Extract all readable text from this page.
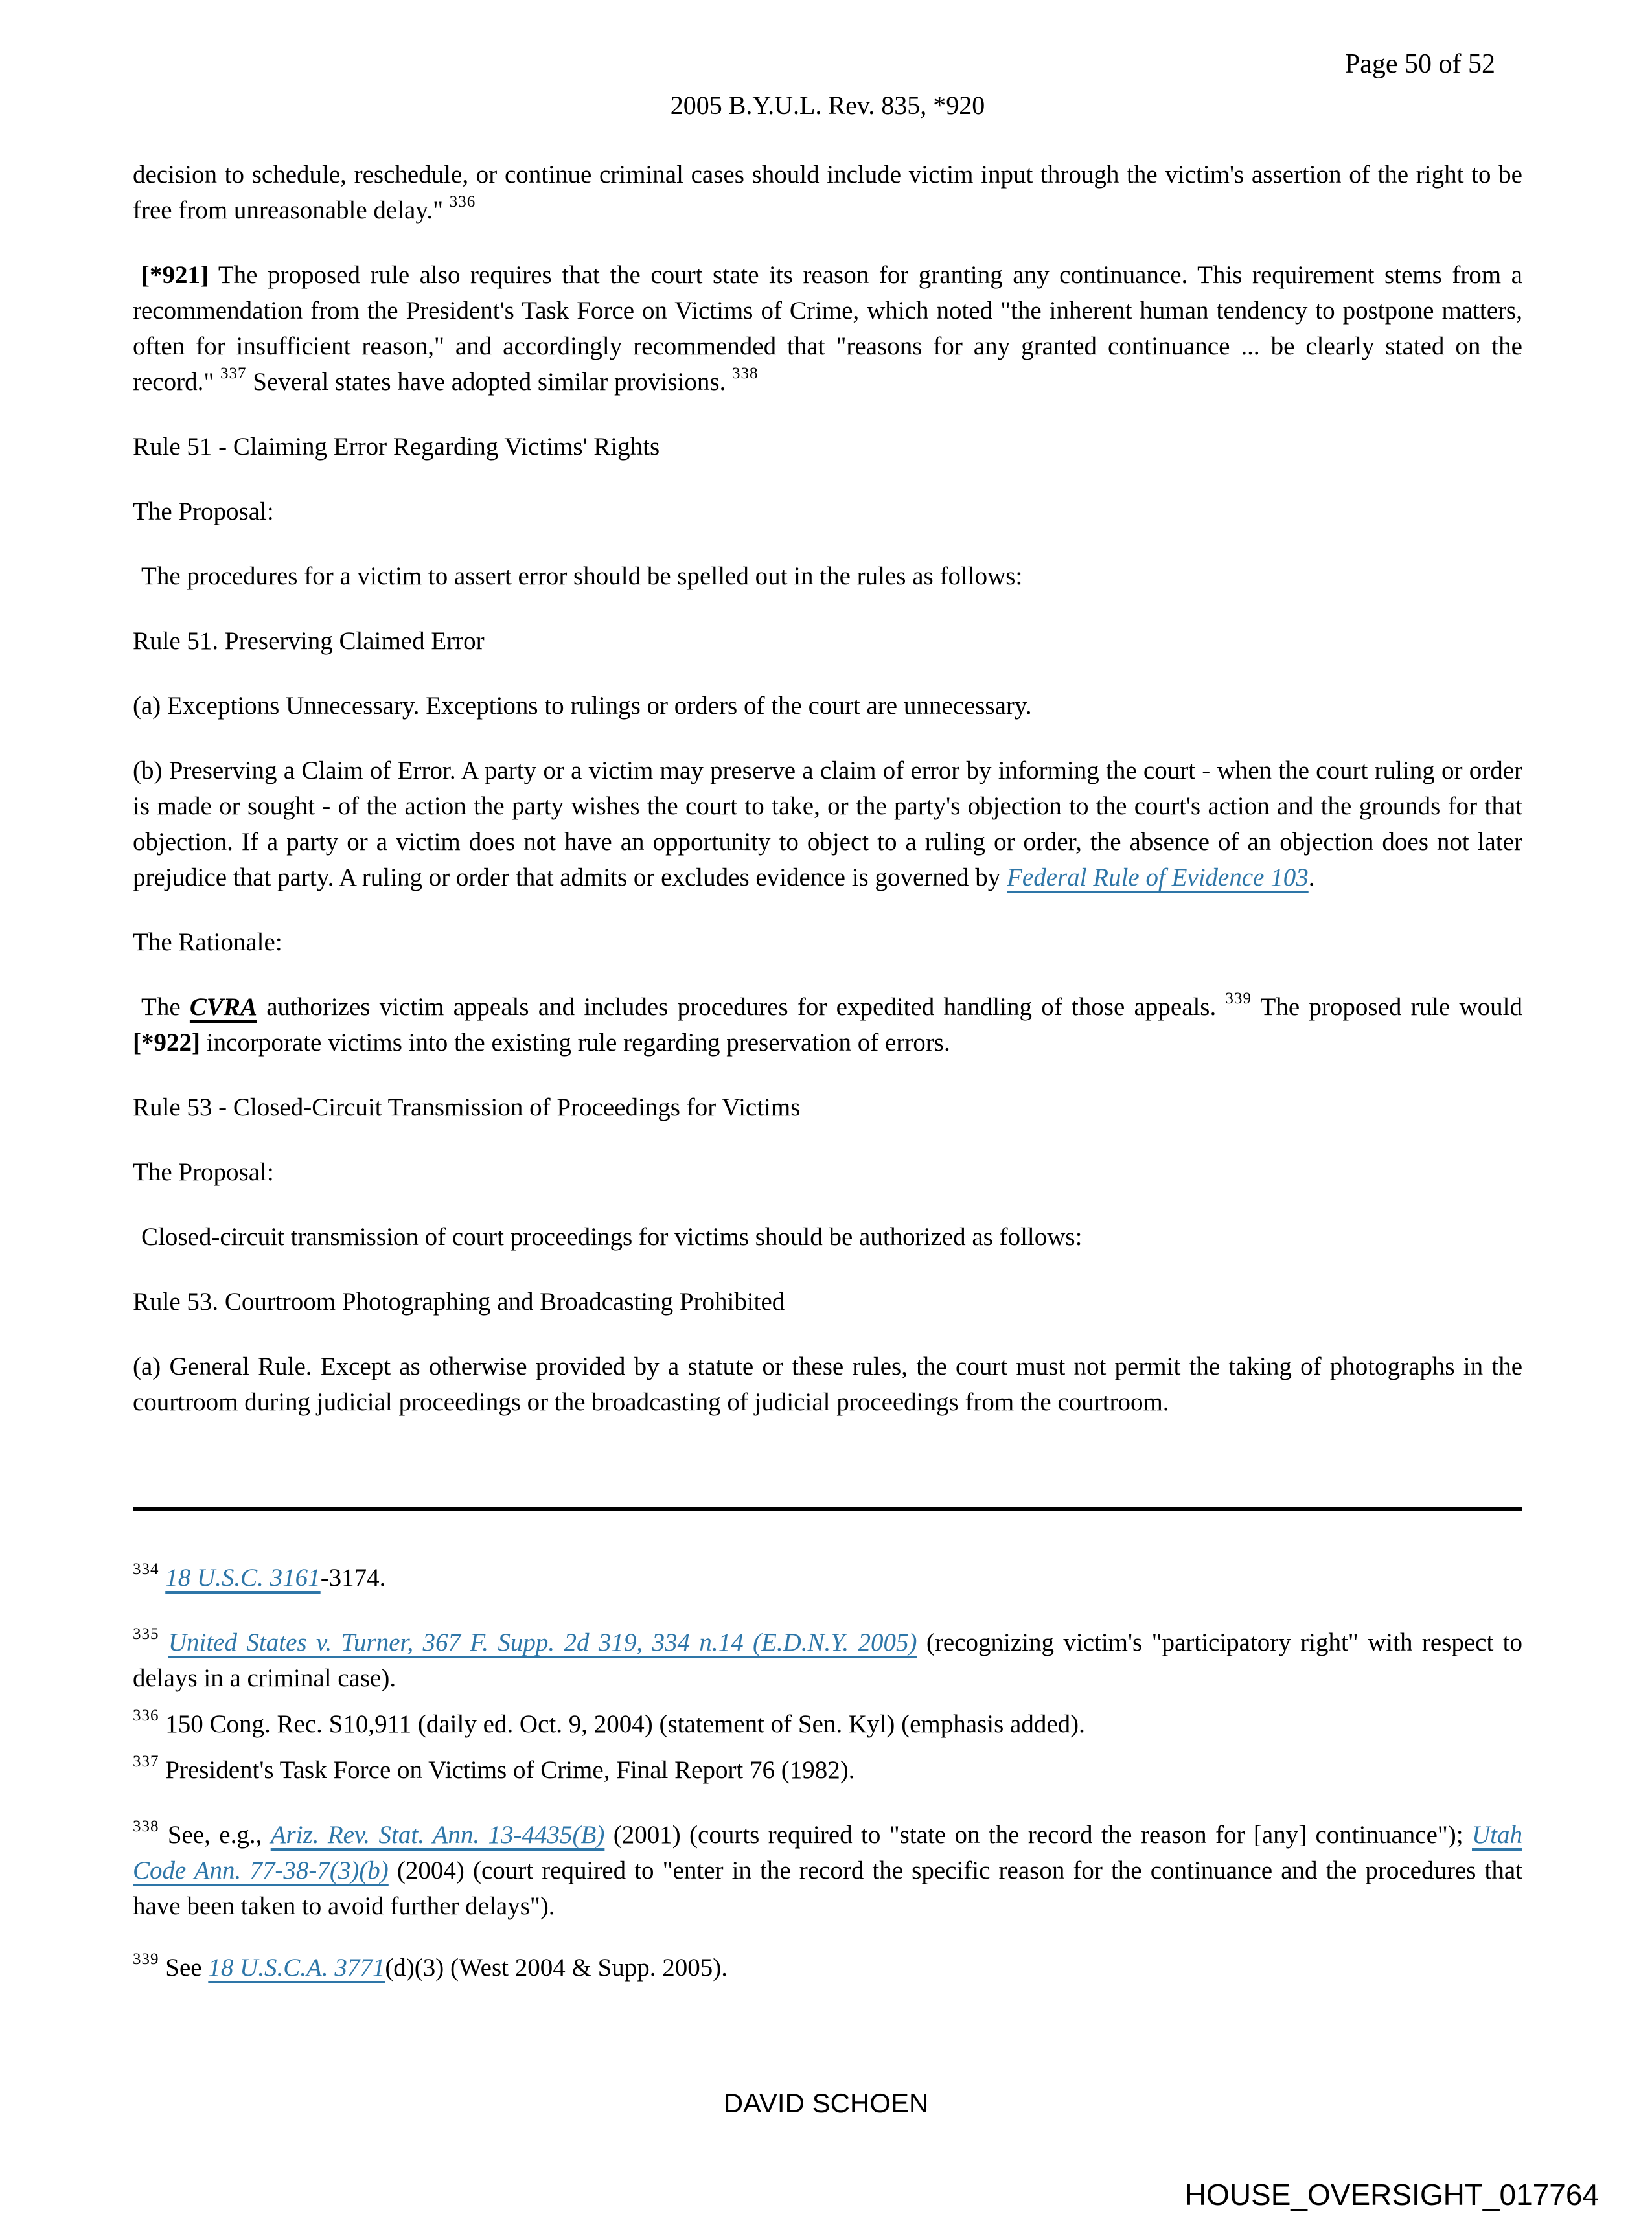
Page 50 of 52
2005 B.Y.U.L. Rev. 835, *920

decision to schedule, reschedule, or continue criminal cases should include victim input through the victim's assertion of the right to be free from unreasonable delay." $^{336}$

[*921] The proposed rule also requires that the court state its reason for granting any continuance. This requirement stems from a recommendation from the President's Task Force on Victims of Crime, which noted "the inherent human tendency to postpone matters, often for insufficient reason," and accordingly recommended that "reasons for any granted continuance ... be clearly stated on the record." $^{337}$ Several states have adopted similar provisions. $^{338}$

Rule 51 - Claiming Error Regarding Victims' Rights

The Proposal:

The procedures for a victim to assert error should be spelled out in the rules as follows:

Rule 51. Preserving Claimed Error

(a) Exceptions Unnecessary. Exceptions to rulings or orders of the court are unnecessary.

(b) Preserving a Claim of Error. A party or a victim may preserve a claim of error by informing the court - when the court ruling or order is made or sought - of the action the party wishes the court to take, or the party's objection to the court's action and the grounds for that objection. If a party or a victim does not have an opportunity to object to a ruling or order, the absence of an objection does not later prejudice that party. A ruling or order that admits or excludes evidence is governed by Federal Rule of Evidence 103.

The Rationale:

The CVRA authorizes victim appeals and includes procedures for expedited handling of those appeals. $^{339}$ The proposed rule would [*922] incorporate victims into the existing rule regarding preservation of errors.

Rule 53 - Closed-Circuit Transmission of Proceedings for Victims

The Proposal:

Closed-circuit transmission of court proceedings for victims should be authorized as follows:

Rule 53. Courtroom Photographing and Broadcasting Prohibited

(a) General Rule. Except as otherwise provided by a statute or these rules, the court must not permit the taking of photographs in the courtroom during judicial proceedings or the broadcasting of judicial proceedings from the courtroom.

$^{334}$ 18 U.S.C. 3161-3174.

$^{335}$ United States v. Turner, 367 F. Supp. 2d 319, 334 n.14 (E.D.N.Y. 2005) (recognizing victim's "participatory right" with respect to delays in a criminal case).

$^{336}$ 150 Cong. Rec. S10,911 (daily ed. Oct. 9, 2004) (statement of Sen. Kyl) (emphasis added).

$^{337}$ President's Task Force on Victims of Crime, Final Report 76 (1982).

$^{338}$ See, e.g., Ariz. Rev. Stat. Ann. 13-4435(B) (2001) (courts required to "state on the record the reason for [any] continuance"); Utah Code Ann. 77-38-7(3)(b) (2004) (court required to "enter in the record the specific reason for the continuance and the procedures that have been taken to avoid further delays").

$^{339}$ See 18 U.S.C.A. 3771(d)(3) (West 2004 & Supp. 2005).

DAVID SCHOEN
HOUSE_OVERSIGHT_017764
